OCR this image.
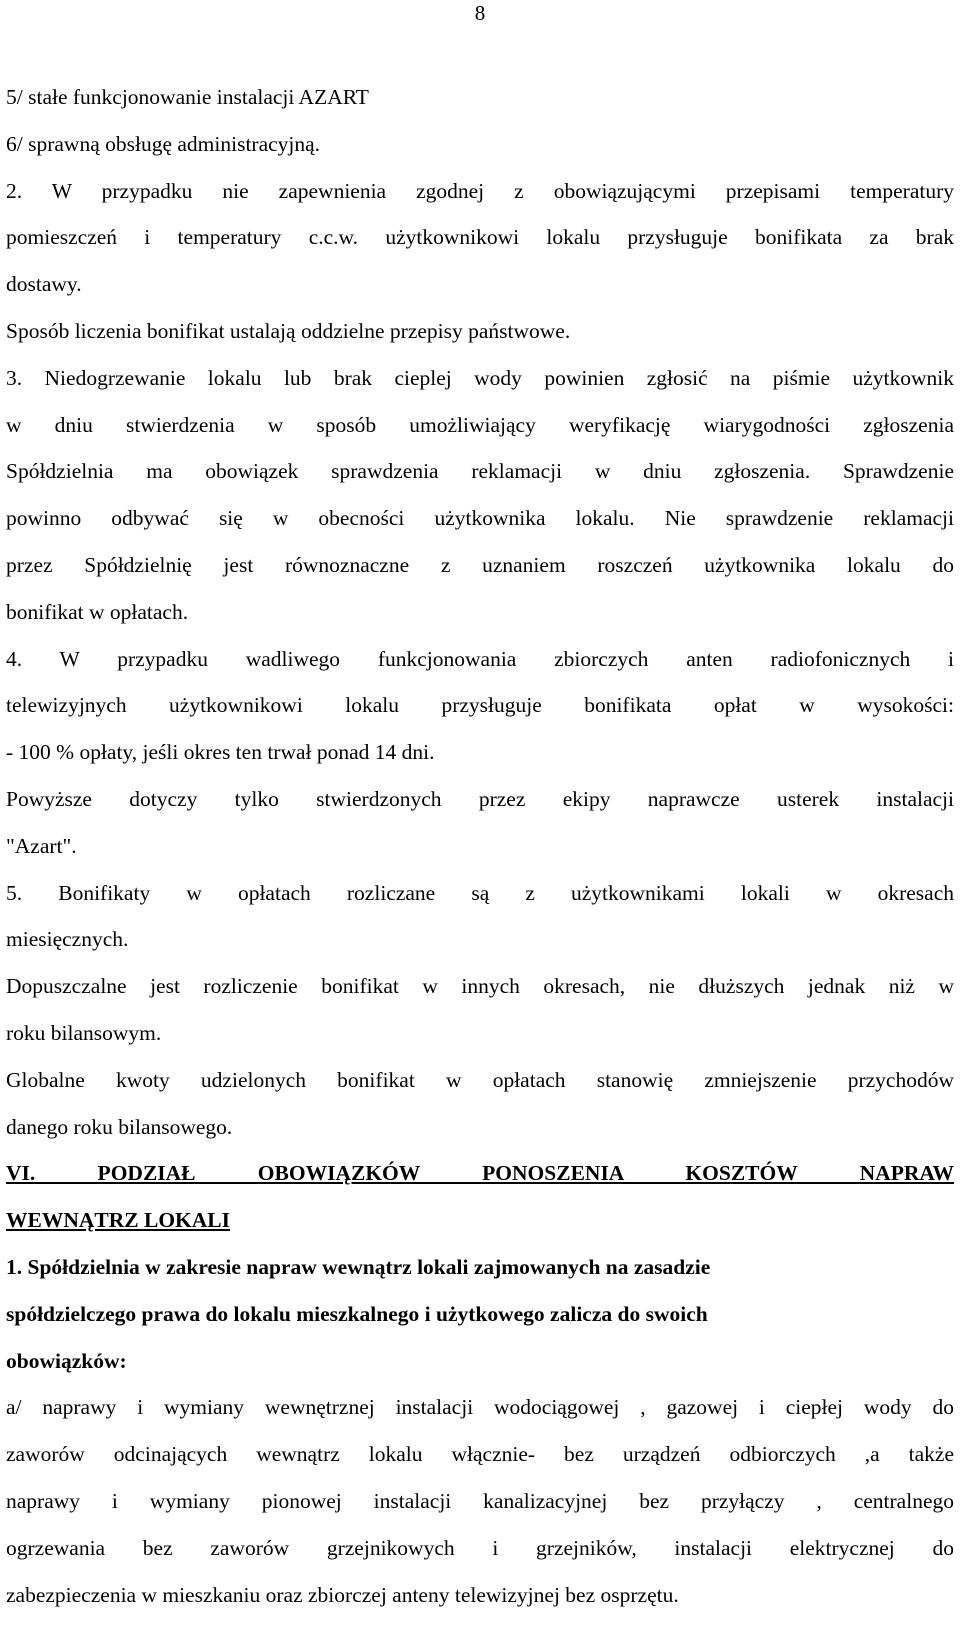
8
5/ stałe funkcjonowanie instalacji AZART
6/ sprawną obsługę administracyjną.
2. W przypadku nie zapewnienia zgodnej z obowiązującymi przepisami temperatury
pomieszczeń i temperatury c.c.w. użytkownikowi lokalu przysługuje bonifikata za brak
dostawy.
Sposób liczenia bonifikat ustalają oddzielne przepisy państwowe.
3. Niedogrzewanie lokalu lub brak cieplej wody powinien zgłosić na piśmie użytkownik
w dniu stwierdzenia w sposób umożliwiający weryfikację wiarygodności zgłoszenia
Spółdzielnia ma obowiązek sprawdzenia reklamacji w dniu zgłoszenia. Sprawdzenie
powinno odbywać się w obecności użytkownika lokalu. Nie sprawdzenie reklamacji
przez Spółdzielnię jest równoznaczne z uznaniem roszczeń użytkownika lokalu do
bonifikat w opłatach.
4. W przypadku wadliwego funkcjonowania zbiorczych anten radiofonicznych i
telewizyjnych użytkownikowi lokalu przysługuje bonifikata opłat w wysokości:
- 100 % opłaty, jeśli okres ten trwał ponad 14 dni.
Powyższe dotyczy tylko stwierdzonych przez ekipy naprawcze usterek instalacji
"Azart".
5. Bonifikaty w opłatach rozliczane są z użytkownikami lokali w okresach
miesięcznych.
Dopuszczalne jest rozliczenie bonifikat w innych okresach, nie dłuższych jednak niż w
roku bilansowym.
Globalne kwoty udzielonych bonifikat w opłatach stanowię zmniejszenie przychodów
danego roku bilansowego.
VI. PODZIAŁ OBOWIĄZKÓW PONOSZENIA KOSZTÓW NAPRAW
WEWNĄTRZ LOKALI
1. Spółdzielnia w zakresie napraw wewnątrz lokali zajmowanych na zasadzie
spółdzielczego prawa do lokalu mieszkalnego i użytkowego zalicza do swoich
obowiązków:
a/ naprawy i wymiany wewnętrznej instalacji wodociągowej , gazowej i ciepłej wody do
zaworów odcinających wewnątrz lokalu włącznie- bez urządzeń odbiorczych ,a także
naprawy i wymiany pionowej instalacji kanalizacyjnej bez przyłączy , centralnego
ogrzewania bez zaworów grzejnikowych i grzejników, instalacji elektrycznej do
zabezpieczenia w mieszkaniu oraz zbiorczej anteny telewizyjnej bez osprzętu.
